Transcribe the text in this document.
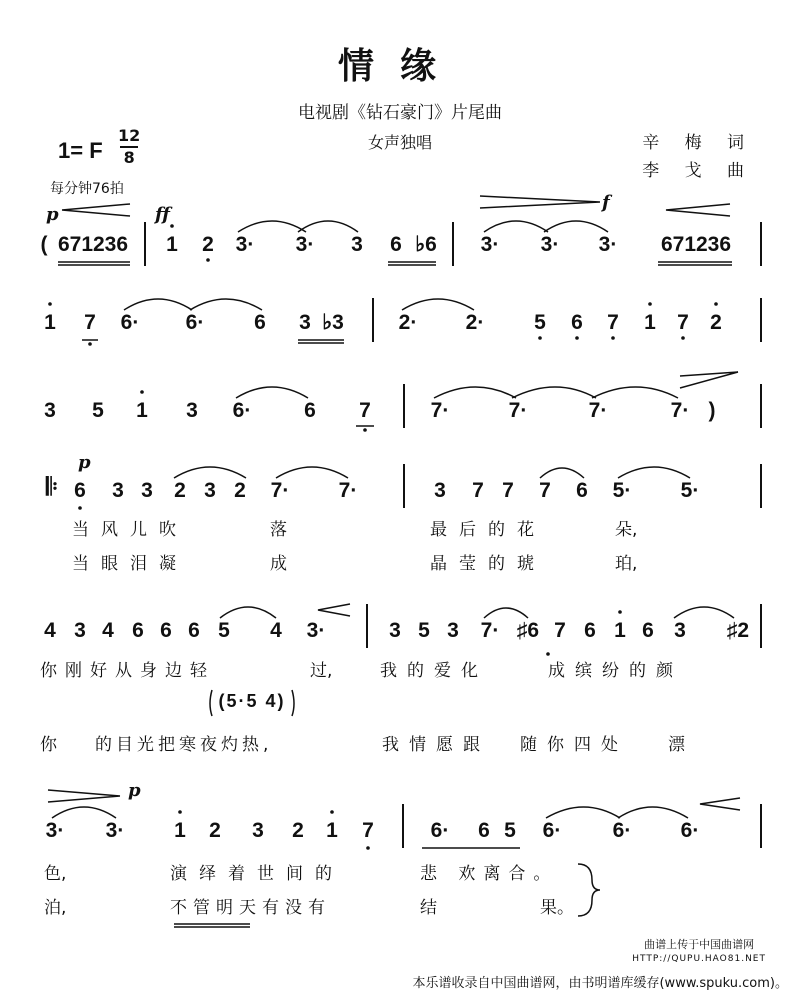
情缘
电视剧《钻石豪门》片尾曲
女声独唱	辛 梅 词
李 戈 曲
1= F
12
8
每分钟76拍
p	ff
f
( 671236 1 2 3· 3· 3 6 ♭6 3· 3· 3· 671236
1 7 6· 6· 6 3 ♭3	2· 2· 5 6 7 1 7 2
3 5 1 3 6·	6 7	7·	7·	7·	7· )
p
𝄆 6 3 3 2 3 2 7· 7·	3 7 7 7 6 5· 5·
当风儿吹	落	最后的花	朵,
当眼泪凝	成	晶莹的琥	珀,
4 3 4 6 6 6 5 4 3·	3 5 3 7· ♯6 7 6 1 6 3 ♯2
你刚好从身边轻	过,	我的爱化	成缤纷的颜
(5·5 4)
你 的目光把寒夜灼热,	我情愿跟 随你四处 漂
p
3· 3· 1 2 3 2 1 7	6· 6 5 6· 6· 6·
色,	演绎着世间的	悲 欢离合。
泊,	不管明天有没有	结	果。
曲谱上传于中国曲谱网
HTTP://QUPU.HAO81.NET
本乐谱收录自中国曲谱网，由书明谱库缓存(www.spuku.com)。
